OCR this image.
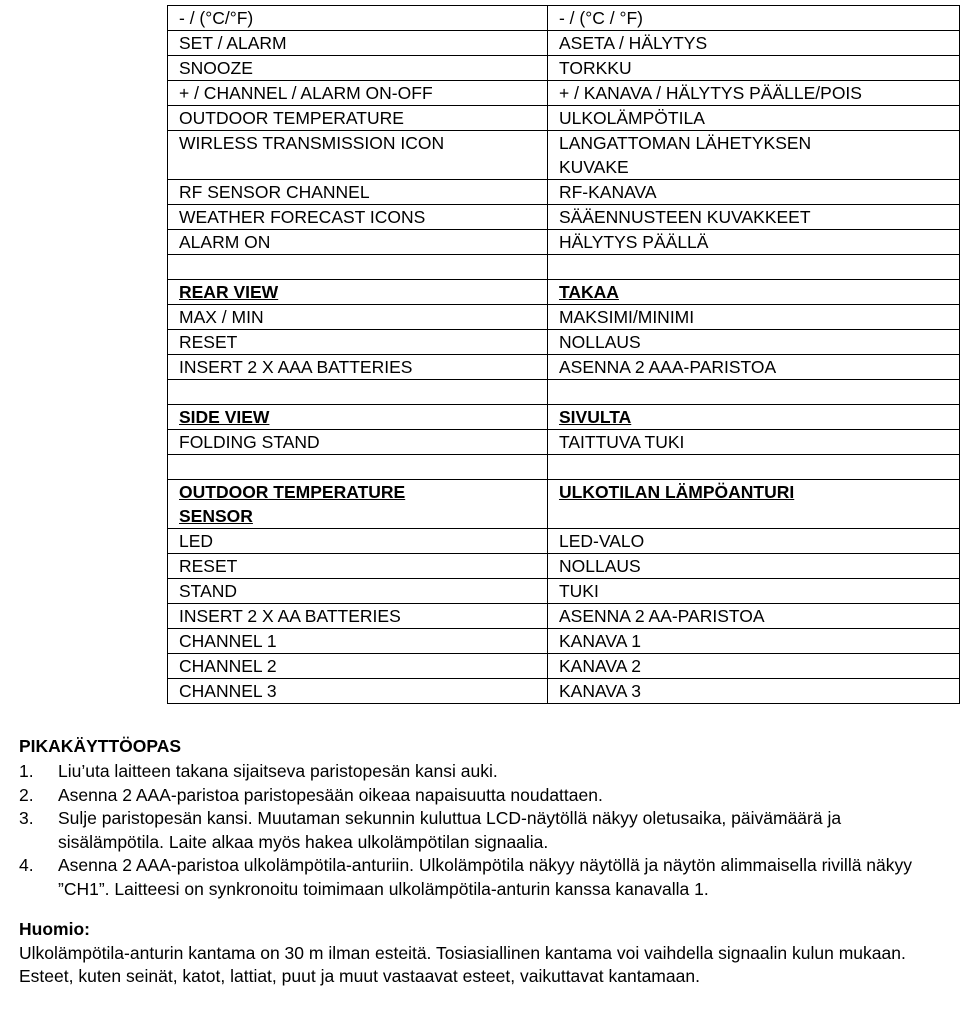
- / (°C/°F)	- / (°C / °F)
SET / ALARM	ASETA / HÄLYTYS
SNOOZE	TORKKU
+ / CHANNEL / ALARM ON-OFF	+ / KANAVA / HÄLYTYS PÄÄLLE/POIS
OUTDOOR TEMPERATURE	ULKOLÄMPÖTILA
WIRLESS TRANSMISSION ICON	LANGATTOMAN LÄHETYKSEN KUVAKE
RF SENSOR CHANNEL	RF-KANAVA
WEATHER FORECAST ICONS	SÄÄENNUSTEEN KUVAKKEET
ALARM ON	HÄLYTYS PÄÄLLÄ

REAR VIEW	TAKAA
MAX / MIN	MAKSIMI/MINIMI
RESET	NOLLAUS
INSERT 2 X AAA BATTERIES	ASENNA 2 AAA-PARISTOA

SIDE VIEW	SIVULTA
FOLDING STAND	TAITTUVA TUKI

OUTDOOR TEMPERATURE SENSOR	ULKOTILAN LÄMPÖANTURI
LED	LED-VALO
RESET	NOLLAUS
STAND	TUKI
INSERT 2 X AA BATTERIES	ASENNA 2 AA-PARISTOA
CHANNEL 1	KANAVA 1
CHANNEL 2	KANAVA 2
CHANNEL 3	KANAVA 3
PIKAKÄYTTÖOPAS
1.	Liu’uta laitteen takana sijaitseva paristopesän kansi auki.
2.	Asenna 2 AAA-paristoa paristopesään oikeaa napaisuutta noudattaen.
3.	Sulje paristopesän kansi. Muutaman sekunnin kuluttua LCD-näytöllä näkyy oletusaika, päivämäärä ja sisälämpötila. Laite alkaa myös hakea ulkolämpötilan signaalia.
4.	Asenna 2 AAA-paristoa ulkolämpötila-anturiin. Ulkolämpötila näkyy näytöllä ja näytön alimmaisella rivillä näkyy ”CH1”. Laitteesi on synkronoitu toimimaan ulkolämpötila-anturin kanssa kanavalla 1.
Huomio:
Ulkolämpötila-anturin kantama on 30 m ilman esteitä. Tosiasiallinen kantama voi vaihdella signaalin kulun mukaan. Esteet, kuten seinät, katot, lattiat, puut ja muut vastaavat esteet, vaikuttavat kantamaan.
